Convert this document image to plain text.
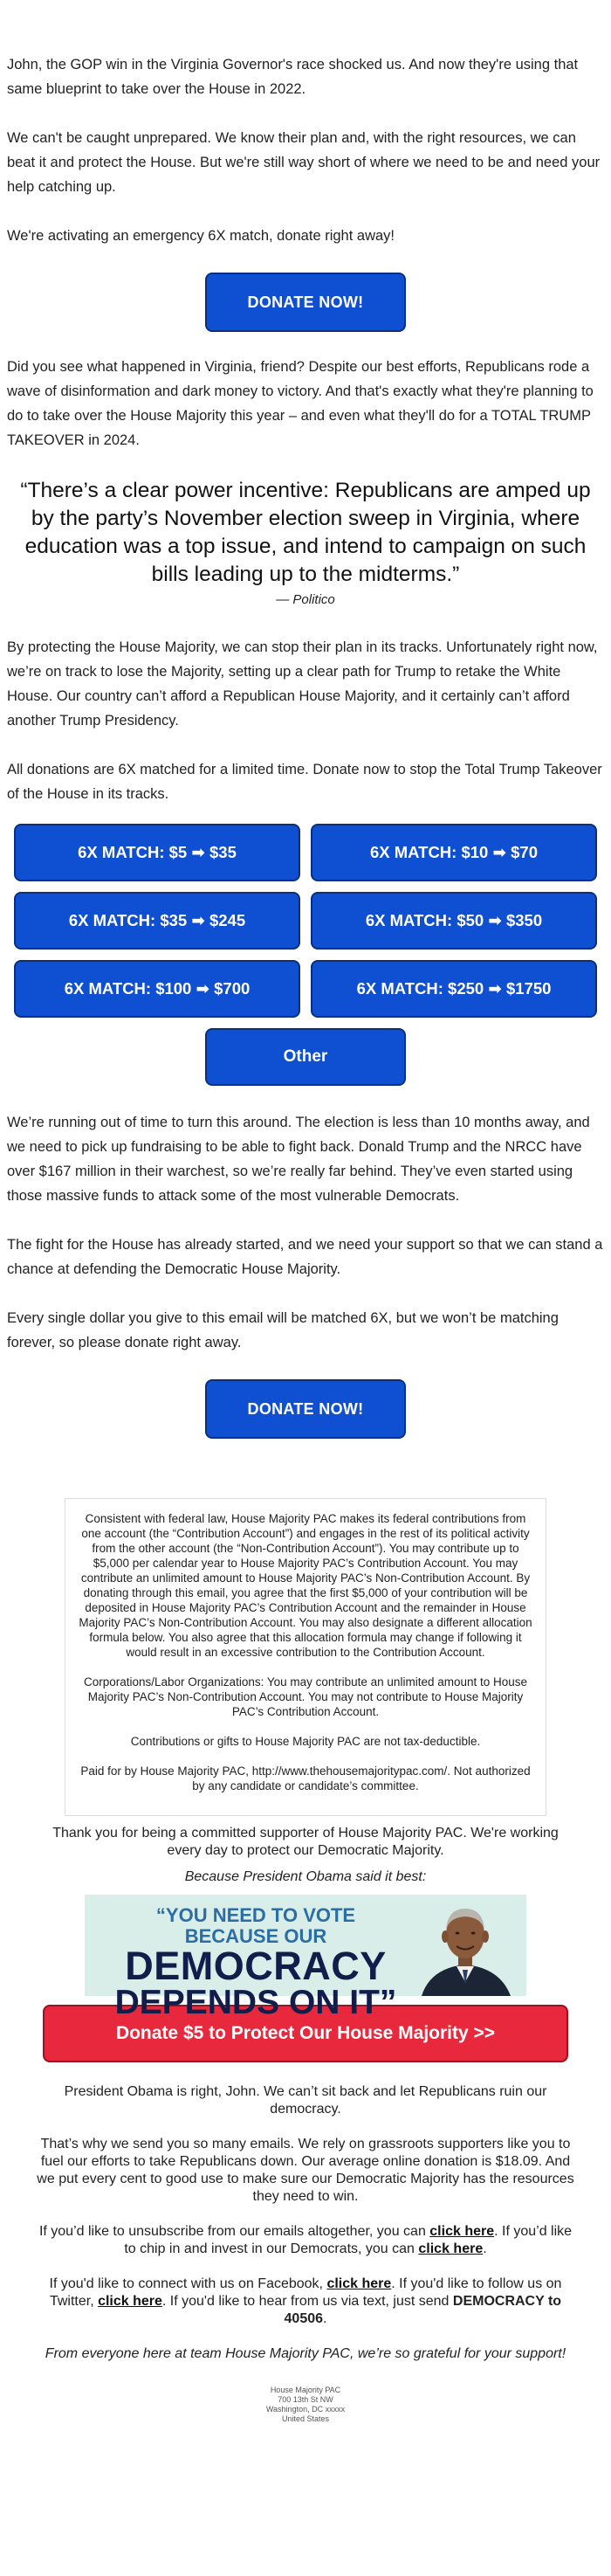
John, the GOP win in the Virginia Governor's race shocked us. And now they're using that same blueprint to take over the House in 2022.

We can't be caught unprepared. We know their plan and, with the right resources, we can beat it and protect the House. But we're still way short of where we need to be and need your help catching up.

We're activating an emergency 6X match, donate right away!

DONATE NOW!

Did you see what happened in Virginia, friend? Despite our best efforts, Republicans rode a wave of disinformation and dark money to victory. And that's exactly what they're planning to do to take over the House Majority this year – and even what they'll do for a TOTAL TRUMP TAKEOVER in 2024.

“There’s a clear power incentive: Republicans are amped up by the party’s November election sweep in Virginia, where education was a top issue, and intend to campaign on such bills leading up to the midterms.”
— Politico

By protecting the House Majority, we can stop their plan in its tracks. Unfortunately right now, we’re on track to lose the Majority, setting up a clear path for Trump to retake the White House. Our country can’t afford a Republican House Majority, and it certainly can’t afford another Trump Presidency.

All donations are 6X matched for a limited time. Donate now to stop the Total Trump Takeover of the House in its tracks.

6X MATCH: $5 ➡ $35	6X MATCH: $10 ➡ $70
6X MATCH: $35 ➡ $245	6X MATCH: $50 ➡ $350
6X MATCH: $100 ➡ $700	6X MATCH: $250 ➡ $1750
Other

We’re running out of time to turn this around. The election is less than 10 months away, and we need to pick up fundraising to be able to fight back. Donald Trump and the NRCC have over $167 million in their warchest, so we’re really far behind. They’ve even started using those massive funds to attack some of the most vulnerable Democrats.

The fight for the House has already started, and we need your support so that we can stand a chance at defending the Democratic House Majority.

Every single dollar you give to this email will be matched 6X, but we won’t be matching forever, so please donate right away.

DONATE NOW!

Consistent with federal law, House Majority PAC makes its federal contributions from one account (the “Contribution Account”) and engages in the rest of its political activity from the other account (the “Non-Contribution Account”). You may contribute up to $5,000 per calendar year to House Majority PAC’s Contribution Account. You may contribute an unlimited amount to House Majority PAC’s Non-Contribution Account. By donating through this email, you agree that the first $5,000 of your contribution will be deposited in House Majority PAC’s Contribution Account and the remainder in House Majority PAC’s Non-Contribution Account. You may also designate a different allocation formula below. You also agree that this allocation formula may change if following it would result in an excessive contribution to the Contribution Account.

Corporations/Labor Organizations: You may contribute an unlimited amount to House Majority PAC’s Non-Contribution Account. You may not contribute to House Majority PAC’s Contribution Account.

Contributions or gifts to House Majority PAC are not tax-deductible.

Paid for by House Majority PAC, http://www.thehousemajoritypac.com/. Not authorized by any candidate or candidate’s committee.

Thank you for being a committed supporter of House Majority PAC. We're working every day to protect our Democratic Majority.

Because President Obama said it best:

“YOU NEED TO VOTE BECAUSE OUR
DEMOCRACY
DEPENDS ON IT”
Donate $5 to Protect Our House Majority >>

President Obama is right, John. We can’t sit back and let Republicans ruin our democracy.

That’s why we send you so many emails. We rely on grassroots supporters like you to fuel our efforts to take Republicans down. Our average online donation is $18.09. And we put every cent to good use to make sure our Democratic Majority has the resources they need to win.

If you’d like to unsubscribe from our emails altogether, you can click here. If you’d like to chip in and invest in our Democrats, you can click here.

If you'd like to connect with us on Facebook, click here. If you'd like to follow us on Twitter, click here. If you'd like to hear from us via text, just send DEMOCRACY to 40506.

From everyone here at team House Majority PAC, we’re so grateful for your support!

House Majority PAC
700 13th St NW
Washington, DC xxxxx
United States
